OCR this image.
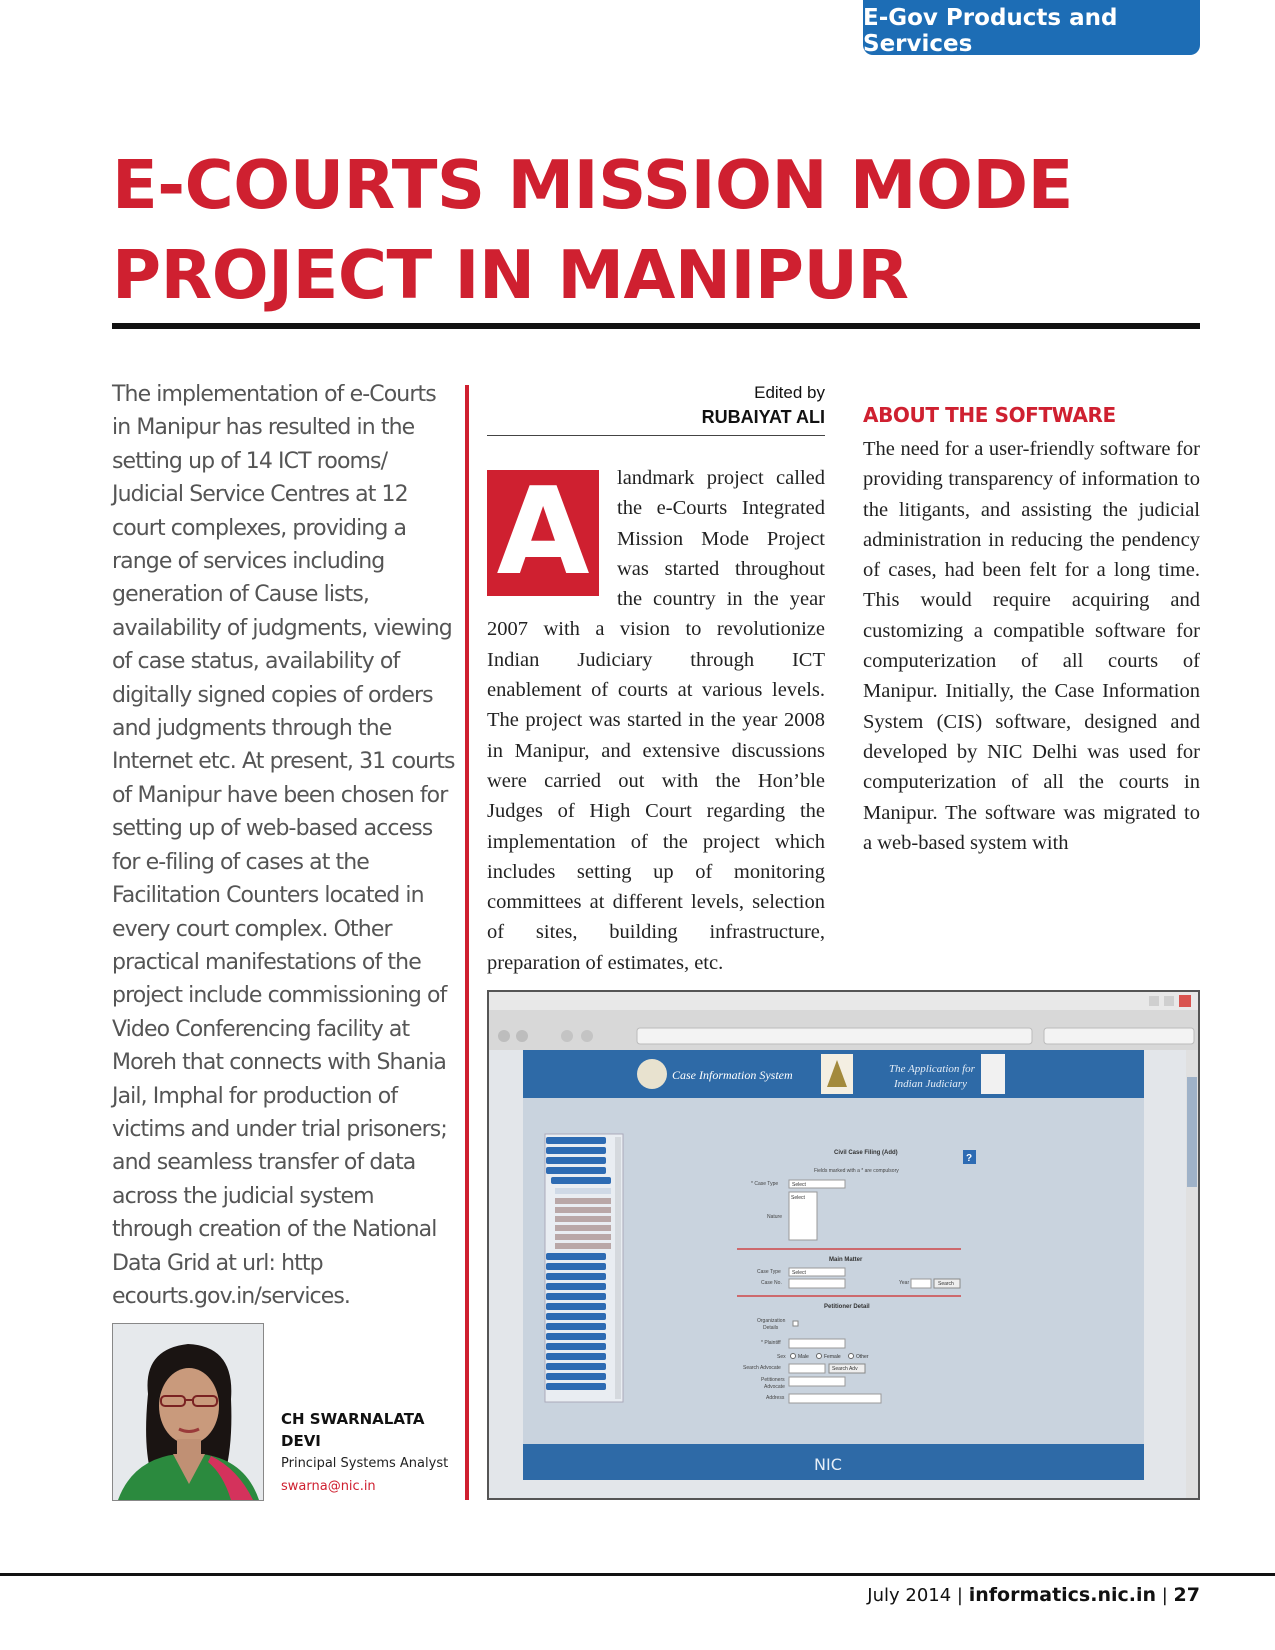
E-Gov Products and Services
E-COURTS MISSION MODE
PROJECT IN MANIPUR

The implementation of e-Courts in Manipur has resulted in the setting up of 14 ICT rooms/ Judicial Service Centres at 12 court complexes, providing a range of services including generation of Cause lists, availability of judgments, viewing of case status, availability of digitally signed copies of orders and judgments through the Internet etc. At present, 31 courts of Manipur have been chosen for setting up of web-based access for e-filing of cases at the Facilitation Counters located in every court complex. Other practical manifestations of the project include commissioning of Video Conferencing facility at Moreh that connects with Shania Jail, Imphal for production of victims and under trial prisoners; and seamless transfer of data across the judicial system through creation of the National Data Grid at url: http ecourts.gov.in/services.

Edited by
RUBAIYAT ALI
A	landmark project called the e-Courts Integrated Mission Mode Project was started throughout the country in the year 2007 with a vision to revolutionize Indian Judiciary through ICT enablement of courts at various levels. The project was started in the year 2008 in Manipur, and extensive discussions were carried out with the Hon’ble Judges of High Court regarding the implementation of the project which includes setting up of monitoring committees at different levels, selection of sites, building infrastructure, preparation of estimates, etc.

ABOUT THE SOFTWARE

The need for a user-friendly software for providing transparency of information to the litigants, and assisting the judicial administration in reducing the pendency of cases, had been felt for a long time. This would require acquiring and customizing a compatible software for computerization of all courts of Manipur. Initially, the Case Information System (CIS) software, designed and developed by NIC Delhi was used for computerization of all the courts in Manipur. The software was migrated to a web-based system with

CH SWARNALATA
DEVI
Principal Systems Analyst
swarna@nic.in
Case Information System	The Application for
Indian Judiciary
Civil Case Filing (Add)	?
Fields marked with a * are compulsory
* Case Type	Select
Select
Nature
Main Matter
Case Type Select
Case No.	Year	Search
Petitioner Detail
Organization
Details
* Plaintiff
Sex Male	Female	Other
Search Advocate	Search Adv
Petitioners
Advocate
Address
NIC
July 2014 | informatics.nic.in | 27
